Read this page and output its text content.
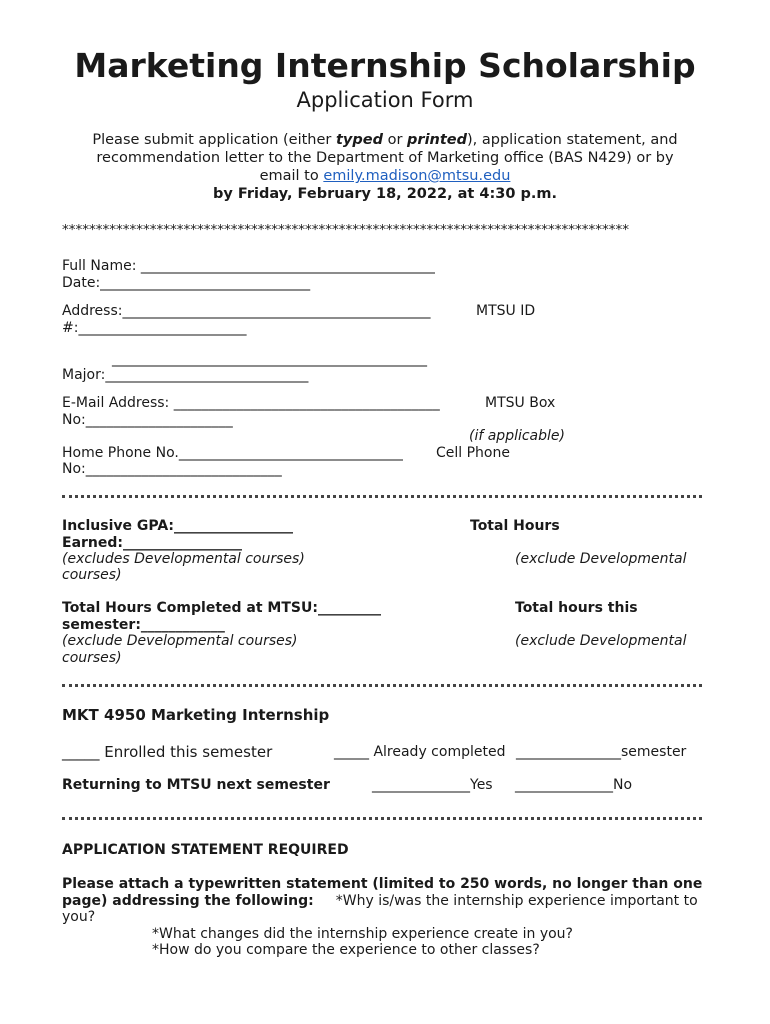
Marketing Internship Scholarship
Application Form
Please submit application (either typed or printed), application statement, and
recommendation letter to the Department of Marketing office (BAS N429) or by
email to emily.madison@mtsu.edu
by Friday, February 18, 2022, at 4:30 p.m.
************************************************************************************
Full Name: __________________________________________
Date:______________________________
Address:____________________________________________	MTSU ID
#:________________________
_____________________________________________
Major:_____________________________
E-Mail Address: ______________________________________	MTSU Box
No:_____________________
(if applicable)
Home Phone No.________________________________ Cell Phone
No:____________________________
Inclusive GPA:_________________	Total Hours
Earned:_________________
(excludes Developmental courses)	(exclude Developmental
courses)
Total Hours Completed at MTSU:_________	Total hours this
semester:____________
(exclude Developmental courses)	(exclude Developmental
courses)
MKT 4950 Marketing Internship
_____ Enrolled this semester	_____ Already completed _______________semester
Returning to MTSU next semester	______________Yes ______________No
APPLICATION STATEMENT REQUIRED
Please attach a typewritten statement (limited to 250 words, no longer than one
page) addressing the following: *Why is/was the internship experience important to
you?
*What changes did the internship experience create in you?
*How do you compare the experience to other classes?
